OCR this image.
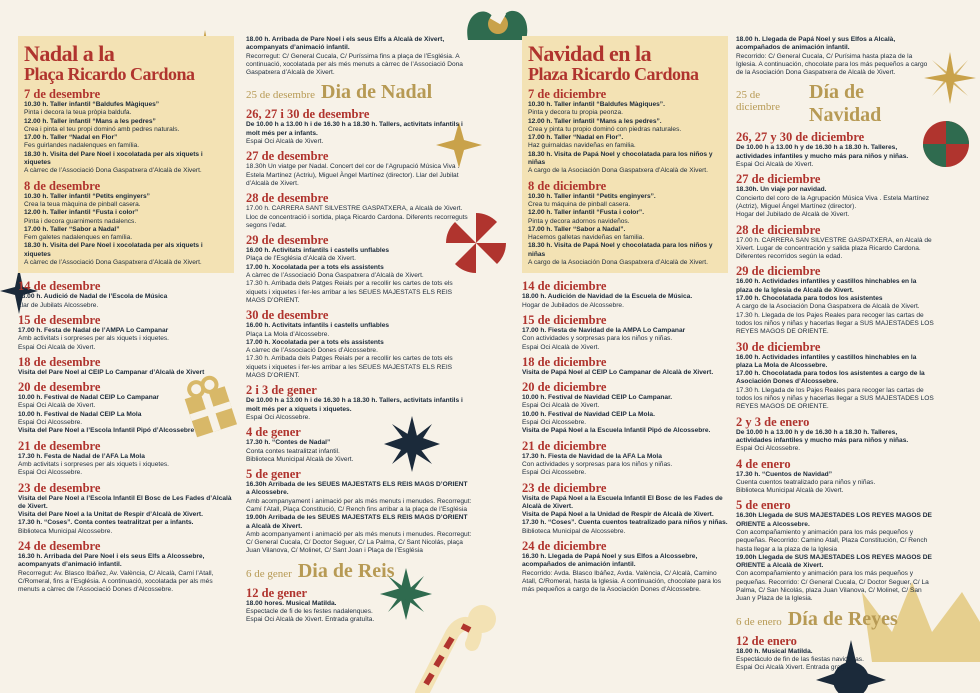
Nadal a la
Plaça Ricardo Cardona
7 de desembre
10.30 h. Taller infantil “Baldufes Màgiques”
Pinta i decora la teua pròpia baldufa.
12.00 h. Taller infantil “Mans a les pedres”
Crea i pinta el teu propi dominó amb pedres naturals.
17.00 h. Taller “Nadal en Flor”
Fes guirlandes nadalenques en família.
18.30 h. Visita del Pare Noel i xocolatada per als xiquets i xiquetes
A càrrec de l’Associació Dona Gaspatxera d’Alcalà de Xivert.
8 de desembre
10.30 h. Taller infantil “Petits enginyers”
Crea la teua màquina de pinball casera.
12.00 h. Taller infantil “Fusta i color”
Pinta i decora guarniments nadalencs.
17.00 h. Taller “Sabor a Nadal”
Fem galetes nadalenques en família.
18.30 h. Visita del Pare Noel i xocolatada per als xiquets i xiquetes
A càrrec de l’Associació Dona Gaspatxera d’Alcalà de Xivert.
14 de desembre
18.00 h. Audició de Nadal de l’Escola de Música
Llar de Jubilats Alcossebre.
15 de desembre
17.00 h. Festa de Nadal de l’AMPA Lo Campanar
Amb activitats i sorpreses per als xiquets i xiquetes.
Espai Oci Alcalà de Xivert.
18 de desembre
Visita del Pare Noel al CEIP Lo Campanar d’Alcalà de Xivert
20 de desembre
10.00 h. Festival de Nadal CEIP Lo Campanar
Espai Oci Alcalà de Xivert.
10.00 h. Festival de Nadal CEIP La Mola
Espai Oci Alcossebre.
Visita del Pare Noel a l’Escola Infantil Pipó d’Alcossebre
21 de desembre
17.30 h. Festa de Nadal de l’AFA La Mola
Amb activitats i sorpreses per als xiquets i xiquetes.
Espai Oci Alcossebre.
23 de desembre
Visita del Pare Noel a l’Escola Infantil El Bosc de Les Fades d’Alcalà de Xivert.
Visita del Pare Noel a la Unitat de Respir d’Alcalà de Xivert.
17.30 h. “Coses”. Conta contes teatralitzat per a infants.
Biblioteca Municipal Alcossebre.
24 de desembre
16.30 h. Arribada del Pare Noel i els seus Elfs a Alcossebre, acompanyats d’animació infantil.
Recorregut: Av. Blasco Ibáñez, Av. València, C/ Alcalà, Camí l’Atall, C/Romeral, fins a l’Església. A continuació, xocolatada per als més menuts a càrrec de l’Associació Dones d’Alcossebre.
18.00 h. Arribada de Pare Noel i els seus Elfs a Alcalà de Xivert, acompanyats d’animació infantil.
Recorregut: C/ General Cucala, C/ Puríssima fins a plaça de l’Església. A continuació, xocolatada per als més menuts a càrrec de l’Associació Dona Gaspatxera d’Alcalà de Xivert.
25 de desembre Dia de Nadal
26, 27 i 30 de desembre
De 10.00 h a 13.00 h i de 16.30 h a 18.30 h. Tallers, activitats infantils i molt més per a infants.
Espai Oci Alcalà de Xivert.
27 de desembre
18.30h Un viatge per Nadal. Concert del cor de l’Agrupació Música Viva . Estela Martínez (Actriu), Miguel Àngel Martínez (director). Llar del Jubilat d’Alcalà de Xivert.
28 de desembre
17.00 h. CARRERA SANT SILVESTRE GASPATXERA, a Alcalà de Xivert. Lloc de concentració i sortida, plaça Ricardo Cardona. Diferents recorreguts segons l’edat.
29 de desembre
16.00 h. Activitats infantils i castells unflables
Plaça de l’Església d’Alcalà de Xivert.
17.00 h. Xocolatada per a tots els assistents
A càrrec de l’Associació Dona Gaspatxera d’Alcalà de Xivert.
17.30 h. Arribada dels Patges Reials per a recollir les cartes de tots els xiquets i xiquetes i fer-les arribar a les SEUES MAJESTATS ELS REIS MAGS D’ORIENT.
30 de desembre
16.00 h. Activitats infantils i castells unflables
Plaça La Mola d’Alcossebre.
17.00 h. Xocolatada per a tots els assistents
A càrrec de l’Associació Dones d’Alcossebre.
17.30 h. Arribada dels Patges Reials per a recollir les cartes de tots els xiquets i xiquetes i fer-les arribar a les SEUES MAJESTATS ELS REIS MAGS D’ORIENT.
2 i 3 de gener
De 10.00 h a 13.00 h i de 16.30 h a 18.30 h. Tallers, activitats infantils i molt més per a xiquets i xiquetes.
Espai Oci Alcossebre.
4 de gener
17.30 h. “Contes de Nadal”
Conta contes teatralitzat infantil.
Biblioteca Municipal Alcalà de Xivert.
5 de gener
16.30h Arribada de les SEUES MAJESTATS ELS REIS MAGS D’ORIENT a Alcossebre.
Amb acompanyament i animació per als més menuts i menudes. Recorregut: Camí l’Atall, Plaça Constitució, C/ Rench fins arribar a la plaça de l’Església
19.00h Arribada de les SEUES MAJESTATS ELS REIS MAGS D’ORIENT a Alcalà de Xivert.
Amb acompanyament i animació per als més menuts i menudes. Recorregut: C/ General Cucala, C/ Doctor Seguer, C/ La Palma, C/ Sant Nicolás, plaça Juan Vilanova, C/ Molinet, C/ Sant Joan i Plaça de l’Església
6 de gener Dia de Reis
12 de gener
18.00 hores. Musical Matilda.
Espectacle de fi de les festes nadalenques.
Espai Oci Alcalà de Xivert. Entrada gratuïta.
Navidad en la
Plaza Ricardo Cardona
7 de diciembre
10.30 h. Taller infantil “Baldufes Màgiques”.
Pinta y decora tu propia peonza.
12.00 h. Taller infantil “Mans a les pedres”.
Crea y pinta tu propio dominó con piedras naturales.
17.00 h. Taller “Nadal en Flor”.
Haz guirnaldas navideñas en familia.
18.30 h. Visita de Papá Noel y chocolatada para los niños y niñas
A cargo de la Asociación Dona Gaspatxera d’Alcalà de Xivert.
8 de diciembre
10.30 h. Taller infantil “Petits enginyers”.
Crea tu máquina de pinball casera.
12.00 h. Taller infantil “Fusta i color”.
Pinta y decora adornos navideños.
17.00 h. Taller “Sabor a Nadal”.
Hacemos galletas navideñas en familia.
18.30 h. Visita de Papá Noel y chocolatada para los niños y niñas
A cargo de la Asociación Dona Gaspatxera d’Alcalà de Xivert.
14 de diciembre
18.00 h. Audición de Navidad de la Escuela de Música.
Hogar de Jubilados de Alcossebre.
15 de diciembre
17.00 h. Fiesta de Navidad de la AMPA Lo Campanar
Con actividades y sorpresas para los niños y niñas.
Espai Oci Alcalà de Xivert.
18 de diciembre
Visita de Papá Noel al CEIP Lo Campanar de Alcalà de Xivert.
20 de diciembre
10.00 h. Festival de Navidad CEIP Lo Campanar.
Espai Oci Alcalà de Xivert.
10.00 h. Festival de Navidad CEIP La Mola.
Espai Oci Alcossebre.
Visita de Papá Noel a la Escuela Infantil Pipó de Alcossebre.
21 de diciembre
17.30 h. Fiesta de Navidad de la AFA La Mola
Con actividades y sorpresas para los niños y niñas.
Espai Oci Alcossebre.
23 de diciembre
Visita de Papá Noel a la Escuela Infantil El Bosc de les Fades de Alcalà de Xivert.
Visita de Papá Noel a la Unidad de Respir de Alcalà de Xivert.
17.30 h. “Coses”. Cuenta cuentos teatralizado para niños y niñas.
Biblioteca Municipal de Alcossebre.
24 de diciembre
16.30 h. Llegada de Papá Noel y sus Elfos a Alcossebre, acompañados de animación infantil.
Recorrido: Avda. Blasco Ibáñez, Avda. València, C/ Alcalà, Camino Atall, C/Romeral, hasta la Iglesia. A continuación, chocolate para los más pequeños a cargo de la Asociación Dones d’Alcossebre.
18.00 h. Llegada de Papá Noel y sus Elfos a Alcalà, acompañados de animación infantil.
Recorrido: C/ General Cucala, C/ Purísima hasta plaza de la Iglesia. A continuación, chocolate para los más pequeños a cargo de la Asociación Dona Gaspatxera de Alcalà de Xivert.
25 de diciembre
Día de Navidad
26, 27 y 30 de diciembre
De 10.00 h a 13.00 h y de 16.30 h a 18.30 h. Talleres, actividades infantiles y mucho más para niños y niñas.
Espai Oci Alcalà de Xivert.
27 de diciembre
18.30h. Un viaje por navidad.
Concierto del coro de la Agrupación Música Viva . Estela Martínez (Actriz), Miguel Ángel Martínez (director).
Hogar del Jubilado de Alcalà de Xivert.
28 de diciembre
17.00 h. CARRERA SAN SILVESTRE GASPATXERA, en Alcalà de Xivert. Lugar de concentración y salida plaza Ricardo Cardona. Diferentes recorridos según la edad.
29 de diciembre
16.00 h. Actividades infantiles y castillos hinchables en la plaza de la Iglesia de Alcalà de Xivert.
17.00 h. Chocolatada para todos los asistentes
A cargo de la Asociación Dona Gaspatxera de Alcalà de Xivert.
17.30 h. Llegada de los Pajes Reales para recoger las cartas de todos los niños y niñas y hacerlas llegar a SUS MAJESTADES LOS REYES MAGOS DE ORIENTE.
30 de diciembre
16.00 h. Actividades infantiles y castillos hinchables en la plaza La Mola de Alcossebre.
17.00 h. Chocolatada para todos los asistentes a cargo de la Asociación Dones d’Alcossebre.
17.30 h. Llegada de los Pajes Reales para recoger las cartas de todos los niños y niñas y hacerlas llegar a SUS MAJESTADES LOS REYES MAGOS DE ORIENTE.
2 y 3 de enero
De 10.00 h a 13.00 h y de 16.30 h a 18.30 h. Talleres, actividades infantiles y mucho más para niños y niñas.
Espai Oci Alcossebre.
4 de enero
17.30 h. “Cuentos de Navidad”
Cuenta cuentos teatralizado para niños y niñas.
Biblioteca Municipal Alcalà de Xivert.
5 de enero
16.30h Llegada de SUS MAJESTADES LOS REYES MAGOS DE ORIENTE a Alcossebre.
Con acompañamiento y animación para los más pequeños y pequeñas. Recorrido: Camino Atall, Plaza Constitución, C/ Rench hasta llegar a la plaza de la Iglesia
19.00h Llegada de SUS MAJESTADES LOS REYES MAGOS DE ORIENTE a Alcalà de Xivert.
Con acompañamiento y animación para los más pequeños y pequeñas. Recorrido: C/ General Cucala, C/ Doctor Seguer, C/ La Palma, C/ San Nicolás, plaza Juan Vilanova, C/ Molinet, C/ San Juan y Plaza de la Iglesia.
6 de enero Día de Reyes
12 de enero
18.00 h. Musical Matilda.
Espectáculo de fin de las fiestas navideñas.
Espai Oci Alcalà Xivert. Entrada gratuita.
